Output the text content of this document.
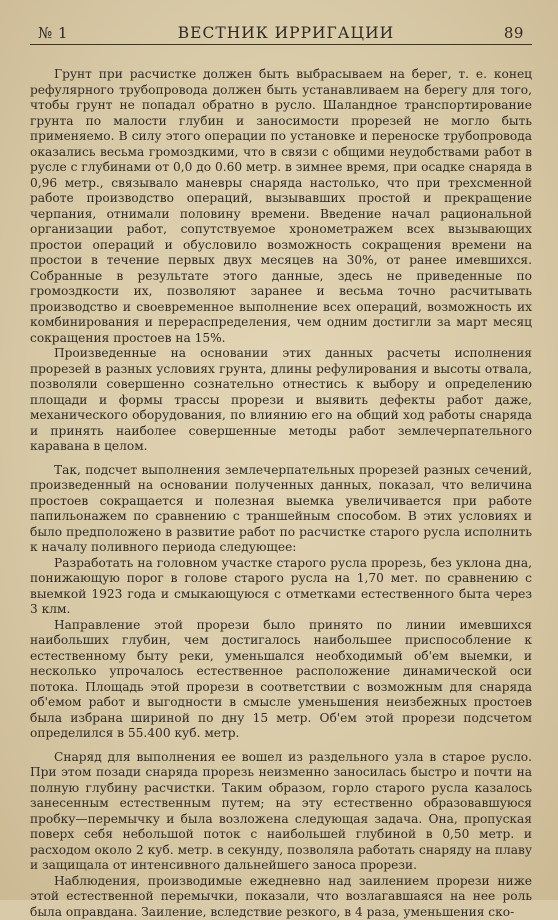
№ 1	ВЕСТНИК ИРРИГАЦИИ	89

Грунт при расчистке должен быть выбрасываем на берег, т. е. конец рефулярного трубопровода должен быть устанавливаем на берегу для того, чтобы грунт не попадал обратно в русло. Шаландное транспортирование грунта по малости глубин и заносимости прорезей не могло быть применяемо. В силу этого операции по установке и переноске трубопровода оказались весьма громоздкими, что в связи с общими неудобствами работ в русле с глубинами от 0,0 до 0.60 метр. в зимнее время, при осадке снаряда в 0,96 метр., связывало маневры снаряда настолько, что при трехсменной работе производство операций, вызывавших простой и прекращение черпания, отнимали половину времени. Введение начал рациональной организации работ, сопутствуемое хронометражем всех вызывающих простои операций и обусловило возможность сокращения времени на простои в течение первых двух месяцев на 30%, от ранее имевшихся. Собранные в результате этого данные, здесь не приведенные по громоздкости их, позволяют заранее и весьма точно расчитывать производство и своевременное выполнение всех операций, возможность их комбинирования и перераспределения, чем одним достигли за март месяц сокращения простоев на 15%.

Произведенные на основании этих данных расчеты исполнения прорезей в разных условиях грунта, длины рефулирования и высоты отвала, позволяли совершенно сознательно отнестись к выбору и определению площади и формы трассы прорези и выявить дефекты работ даже, механического оборудования, по влиянию его на общий ход работы снаряда и принять наиболее совершенные методы работ землечерпательного каравана в целом.

Так, подсчет выполнения землечерпательных прорезей разных сечений, произведенный на основании полученных данных, показал, что величина простоев сокращается и полезная выемка увеличивается при работе папильонажем по сравнению с траншейным способом. В этих условиях и было предположено в развитие работ по расчистке старого русла исполнить к началу поливного периода следующее:

Разработать на головном участке старого русла прорезь, без уклона дна, понижающую порог в голове старого русла на 1,70 мет. по сравнению с выемкой 1923 года и смыкающуюся с отметками естественного быта через 3 клм.

Направление этой прорези было принято по линии имевшихся наибольших глубин, чем достигалось наибольшее приспособление к естественному быту реки, уменьшался необходимый об'ем выемки, и несколько упрочалось естественное расположение динамической оси потока. Площадь этой прорези в соответствии с возможным для снаряда об'емом работ и выгодности в смысле уменьшения неизбежных простоев была избрана шириной по дну 15 метр. Об'ем этой прорези подсчетом определился в 55.400 куб. метр.

Снаряд для выполнения ее вошел из раздельного узла в старое русло. При этом позади снаряда прорезь неизменно заносилась быстро и почти на полную глубину расчистки. Таким образом, горло старого русла казалось занесенным естественным путем; на эту естественно образовавшуюся пробку—перемычку и была возложена следующая задача. Она, пропуская поверх себя небольшой поток с наибольшей глубиной в 0,50 метр. и расходом около 2 куб. метр. в секунду, позволяла работать снаряду на плаву и защищала от интенсивного дальнейшего заноса прорези.

Наблюдения, производимые ежедневно над заилением прорези ниже этой естественной перемычки, показали, что возлагавшаяся на нее роль была оправдана. Заиление, вследствие резкого, в 4 раза, уменьшения ско-
